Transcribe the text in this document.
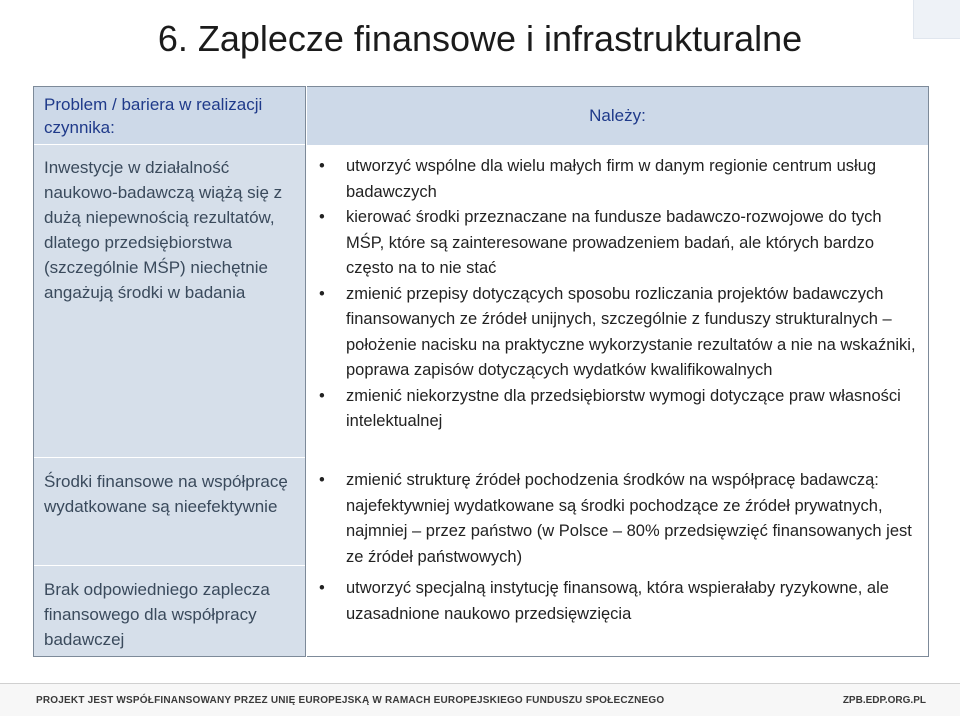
6. Zaplecze finansowe i infrastrukturalne
Problem / bariera w realizacji czynnika:
Inwestycje w działalność naukowo-badawczą wiążą się z dużą niepewnością rezultatów, dlatego przedsiębiorstwa (szczególnie MŚP) niechętnie angażują środki w badania
Środki finansowe na współpracę wydatkowane są nieefektywnie
Brak odpowiedniego zaplecza finansowego dla współpracy badawczej
Należy:
• utworzyć wspólne dla wielu małych firm w danym regionie centrum usług badawczych
• kierować środki przeznaczane na fundusze badawczo-rozwojowe do tych MŚP, które są zainteresowane prowadzeniem badań, ale których bardzo często na to nie stać
• zmienić przepisy dotyczących sposobu rozliczania projektów badawczych finansowanych ze źródeł unijnych, szczególnie z funduszy strukturalnych – położenie nacisku na praktyczne wykorzystanie rezultatów a nie na wskaźniki, poprawa zapisów dotyczących wydatków kwalifikowalnych
• zmienić niekorzystne dla przedsiębiorstw wymogi dotyczące praw własności intelektualnej
• zmienić strukturę źródeł pochodzenia środków na współpracę badawczą: najefektywniej wydatkowane są środki pochodzące ze źródeł prywatnych, najmniej – przez państwo (w Polsce – 80% przedsięwzięć finansowanych jest ze źródeł państwowych)
• utworzyć specjalną instytucję finansową, która wspierałaby ryzykowne, ale uzasadnione naukowo przedsięwzięcia
PROJEKT JEST WSPÓŁFINANSOWANY PRZEZ UNIĘ EUROPEJSKĄ W RAMACH EUROPEJSKIEGO FUNDUSZU SPOŁECZNEGO	ZPB.EDP.ORG.PL
